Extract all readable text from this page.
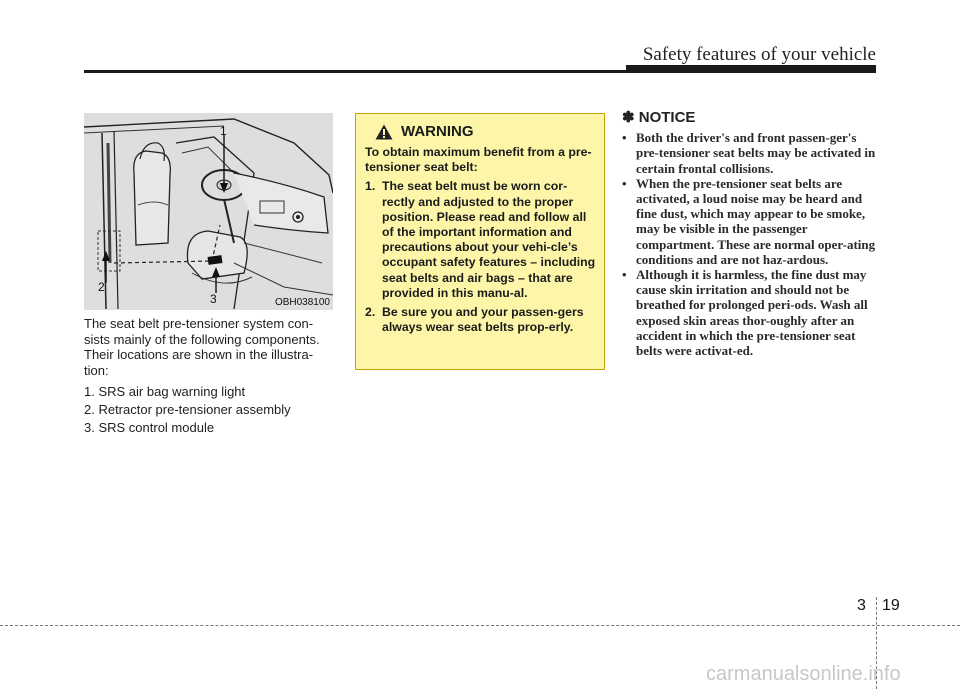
Safety features of your vehicle
1
2
3	OBH038100

The seat belt pre-tensioner system con-sists mainly of the following components. Their locations are shown in the illustra-tion:

1. SRS air bag warning light
2. Retractor pre-tensioner assembly
3. SRS control module
WARNING

To obtain maximum benefit from a pre-tensioner seat belt:

1. The seat belt must be worn cor-rectly and adjusted to the proper position. Please read and follow all of the important information and precautions about your vehi-cle’s occupant safety features – including seat belts and air bags – that are provided in this manu-al.
2. Be sure you and your passen-gers always wear seat belts prop-erly.
✽ NOTICE
• Both the driver's and front passen-ger's pre-tensioner seat belts may be activated in certain frontal collisions.
• When the pre-tensioner seat belts are activated, a loud noise may be heard and fine dust, which may appear to be smoke, may be visible in the passenger compartment. These are normal oper-ating conditions and are not haz-ardous.
• Although it is harmless, the fine dust may cause skin irritation and should not be breathed for prolonged peri-ods. Wash all exposed skin areas thor-oughly after an accident in which the pre-tensioner seat belts were activat-ed.
3 19
carmanualsonline.info
